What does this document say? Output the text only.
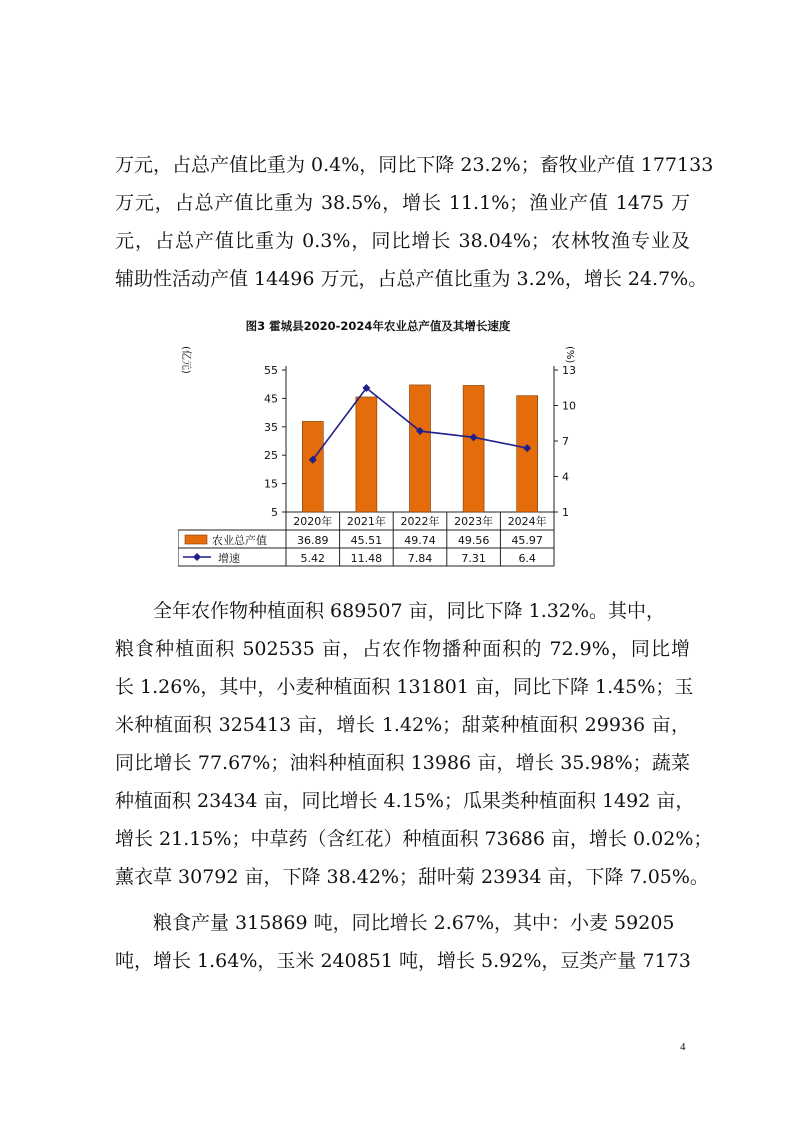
万元，占总产值比重为 0.4%，同比下降 23.2%；畜牧业产值 177133
万元，占总产值比重为 38.5%，增长 11.1%；渔业产值 1475 万
元，占总产值比重为 0.3%，同比增长 38.04%；农林牧渔专业及
辅助性活动产值 14496 万元，占总产值比重为 3.2%，增长 24.7%。
图3 霍城县2020-2024年农业总产值及其增长速度
(亿元)	(%)
5
15
25
35
45
55
1
4
7
10
13
2020年 2021年 2022年 2023年 2024年
农业总产值	36.89 45.51 49.74 49.56 45.97
增速	5.42 11.48 7.84	7.31	6.4
全年农作物种植面积 689507 亩，同比下降 1.32%。其中，
粮食种植面积 502535 亩，占农作物播种面积的 72.9%，同比增
长 1.26%，其中，小麦种植面积 131801 亩，同比下降 1.45%；玉
米种植面积 325413 亩，增长 1.42%；甜菜种植面积 29936 亩，
同比增长 77.67%；油料种植面积 13986 亩，增长 35.98%；蔬菜
种植面积 23434 亩，同比增长 4.15%；瓜果类种植面积 1492 亩，
增长 21.15%；中草药（含红花）种植面积 73686 亩，增长 0.02%；
薰衣草 30792 亩，下降 38.42%；甜叶菊 23934 亩，下降 7.05%。
粮食产量 315869 吨，同比增长 2.67%，其中：小麦 59205
吨，增长 1.64%，玉米 240851 吨，增长 5.92%，豆类产量 7173
4
